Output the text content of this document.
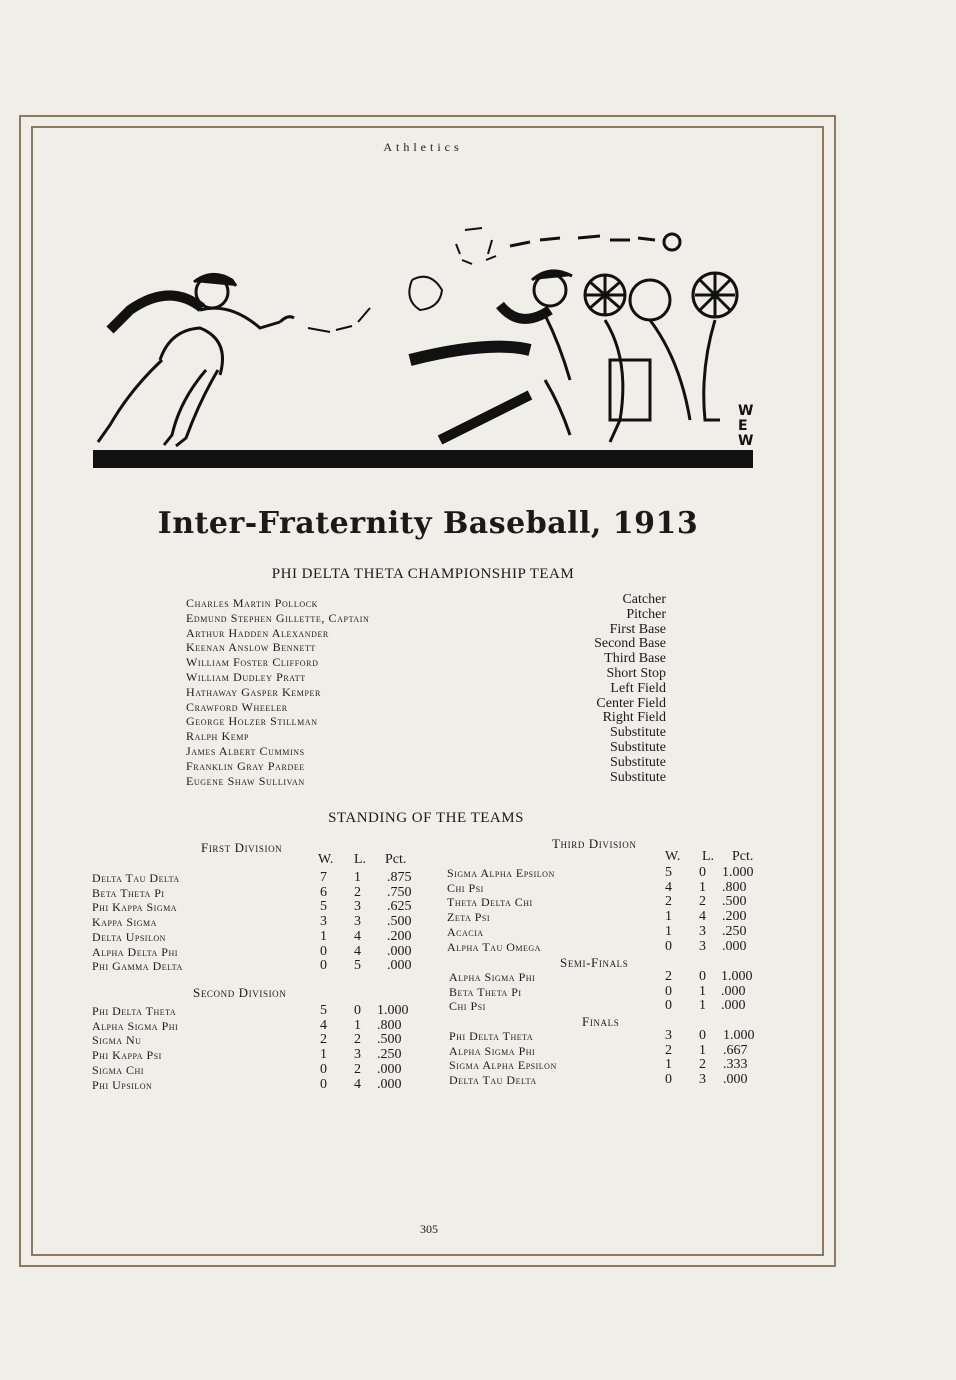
Athletics
W
E
W
Inter-Fraternity Baseball, 1913
PHI DELTA THETA CHAMPIONSHIP TEAM
Charles Martin Pollock	Catcher
Edmund Stephen Gillette, Captain	Pitcher
Arthur Hadden Alexander	First Base
Keenan Anslow Bennett	Second Base
William Foster Clifford	Third Base
William Dudley Pratt	Short Stop
Hathaway Gasper Kemper	Left Field
Crawford Wheeler	Center Field
George Holzer Stillman	Right Field
Ralph Kemp	Substitute
James Albert Cummins	Substitute
Franklin Gray Pardee	Substitute
Eugene Shaw Sullivan	Substitute
STANDING OF THE TEAMS
W. L. Pct.	W. L. Pct.
First Division
Delta Tau Delta	7 1 .875
Beta Theta Pi	6 2 .750
Phi Kappa Sigma	5 3 .625
Kappa Sigma	3 3 .500
Delta Upsilon	1 4 .200
Alpha Delta Phi	0 4 .000
Phi Gamma Delta	0 5 .000
Second Division
Phi Delta Theta	5 0 1.000
Alpha Sigma Phi	4 1 .800
Sigma Nu	2 2 .500
Phi Kappa Psi	1 3 .250
Sigma Chi	0 2 .000
Phi Upsilon	0 4 .000
Third Division
Sigma Alpha Epsilon	5 0 1.000
Chi Psi	4 1 .800
Theta Delta Chi	2 2 .500
Zeta Psi	1 4 .200
Acacia	1 3 .250
Alpha Tau Omega	0 3 .000
Semi-Finals
Alpha Sigma Phi	2 0 1.000
Beta Theta Pi	0 1 .000
Chi Psi	0 1 .000
Finals
Phi Delta Theta	3 0 1.000
Alpha Sigma Phi	2 1 .667
Sigma Alpha Epsilon	1 2 .333
Delta Tau Delta	0 3 .000
305
